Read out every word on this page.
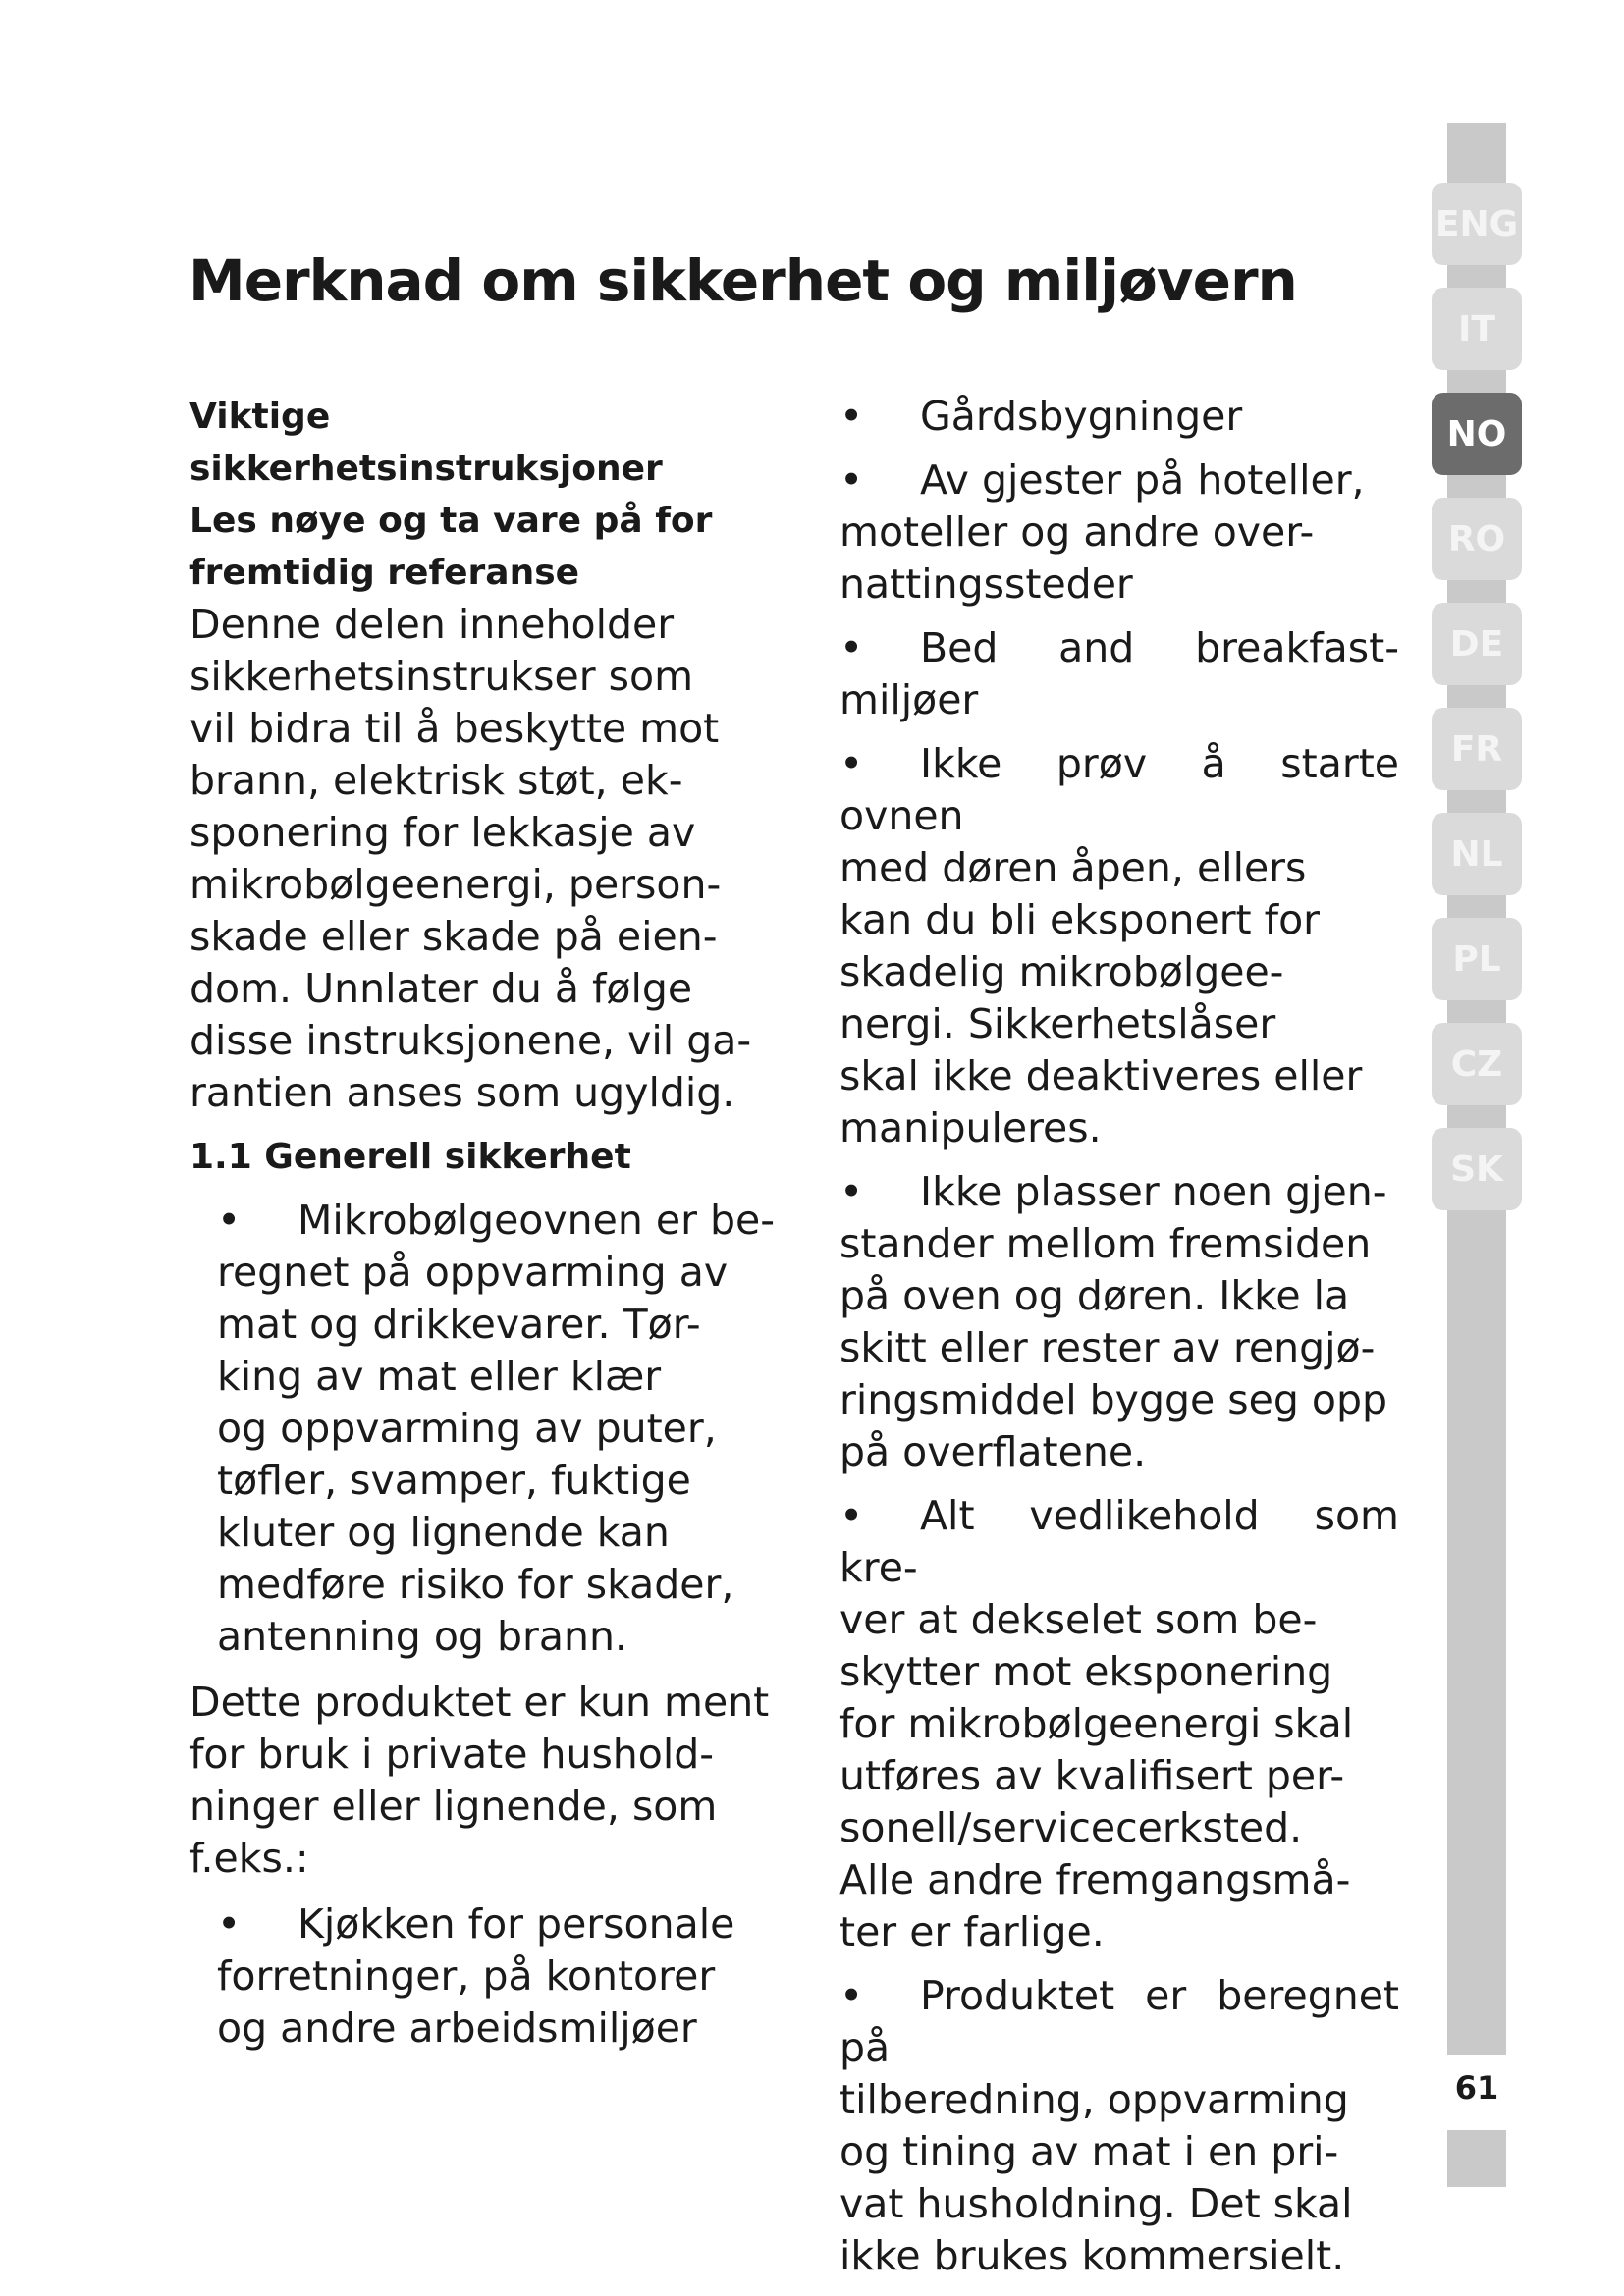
Merknad om sikkerhet og miljøvern

Viktige

sikkerhetsinstruksjoner

Les nøye og ta vare på for

fremtidig referanse

Denne delen inneholder
sikkerhetsinstrukser som
vil bidra til å beskytte mot
brann, elektrisk støt, ek-
sponering for lekkasje av
mikrobølgeenergi, person-
skade eller skade på eien-
dom. Unnlater du å følge
disse instruksjonene, vil ga-
rantien anses som ugyldig.

1.1 Generell sikkerhet

• Mikrobølgeovnen er be-
regnet på oppvarming av
mat og drikkevarer. Tør-
king av mat eller klær
og oppvarming av puter,
tøfler, svamper, fuktige
kluter og lignende kan
medføre risiko for skader,
antenning og brann.
Dette produktet er kun ment
for bruk i private hushold-
ninger eller lignende, som
f.eks.:
• Kjøkken for personale
forretninger, på kontorer
og andre arbeidsmiljøer
• Gårdsbygninger
• Av gjester på hoteller,
moteller og andre over-
nattingssteder
• Bed and breakfast-miljøer
• Ikke prøv å starte ovnen
med døren åpen, ellers
kan du bli eksponert for
skadelig mikrobølgee-
nergi. Sikkerhetslåser
skal ikke deaktiveres eller
manipuleres.
• Ikke plasser noen gjen-
stander mellom fremsiden
på oven og døren. Ikke la
skitt eller rester av rengjø-
ringsmiddel bygge seg opp
på overflatene.
• Alt vedlikehold som kre-
ver at dekselet som be-
skytter mot eksponering
for mikrobølgeenergi skal
utføres av kvalifisert per-
sonell/servicecerksted.
Alle andre fremgangsmå-
ter er farlige.
• Produktet er beregnet på
tilberedning, oppvarming
og tining av mat i en pri-
vat husholdning. Det skal
ikke brukes kommersielt.
61
ENG
IT
NO
RO
DE
FR
NL
PL
CZ
SK
